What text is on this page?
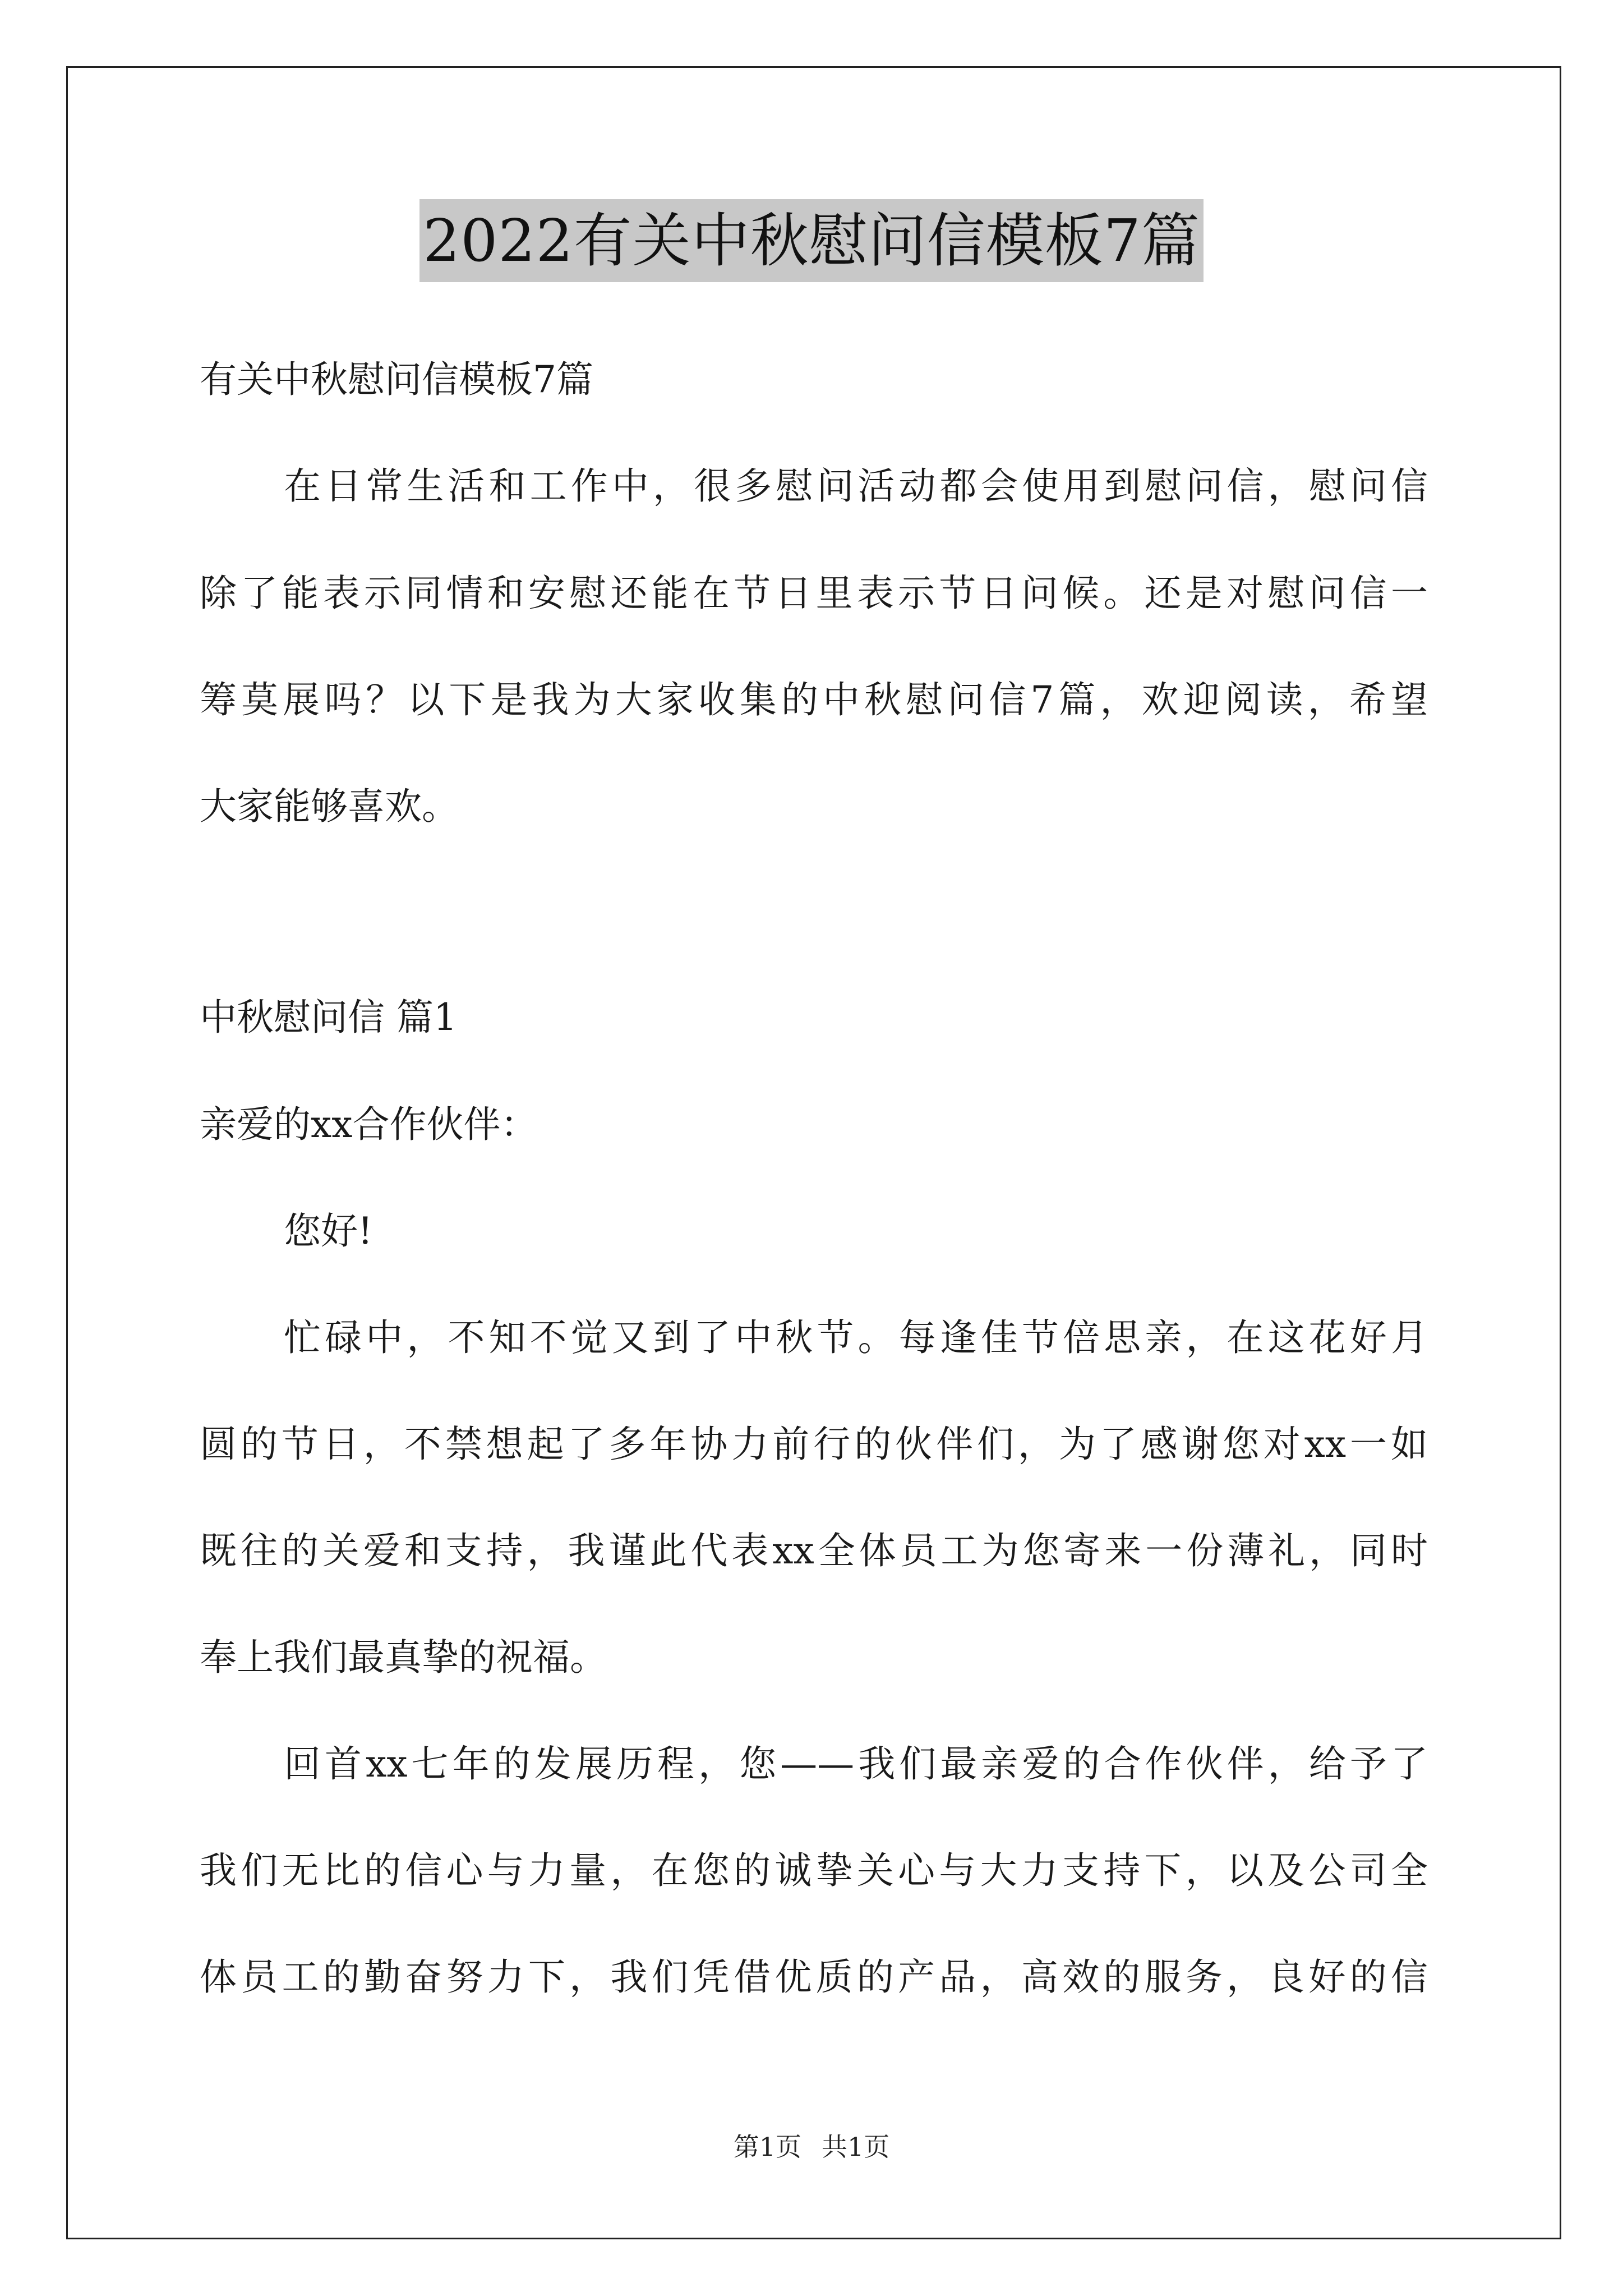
2022有关中秋慰问信模板7篇
有关中秋慰问信模板7篇
在日常生活和工作中，很多慰问活动都会使用到慰问信，慰问信
除了能表示同情和安慰还能在节日里表示节日问候。还是对慰问信一
筹莫展吗？以下是我为大家收集的中秋慰问信7篇，欢迎阅读，希望
大家能够喜欢。
中秋慰问信 篇1
亲爱的xx合作伙伴：
您好!
忙碌中，不知不觉又到了中秋节。每逢佳节倍思亲，在这花好月
圆的节日，不禁想起了多年协力前行的伙伴们，为了感谢您对xx一如
既往的关爱和支持，我谨此代表xx全体员工为您寄来一份薄礼，同时
奉上我们最真挚的祝福。
回首xx七年的发展历程，您——我们最亲爱的合作伙伴，给予了
我们无比的信心与力量，在您的诚挚关心与大力支持下，以及公司全
体员工的勤奋努力下，我们凭借优质的产品，高效的服务，良好的信
第1页 共1页
